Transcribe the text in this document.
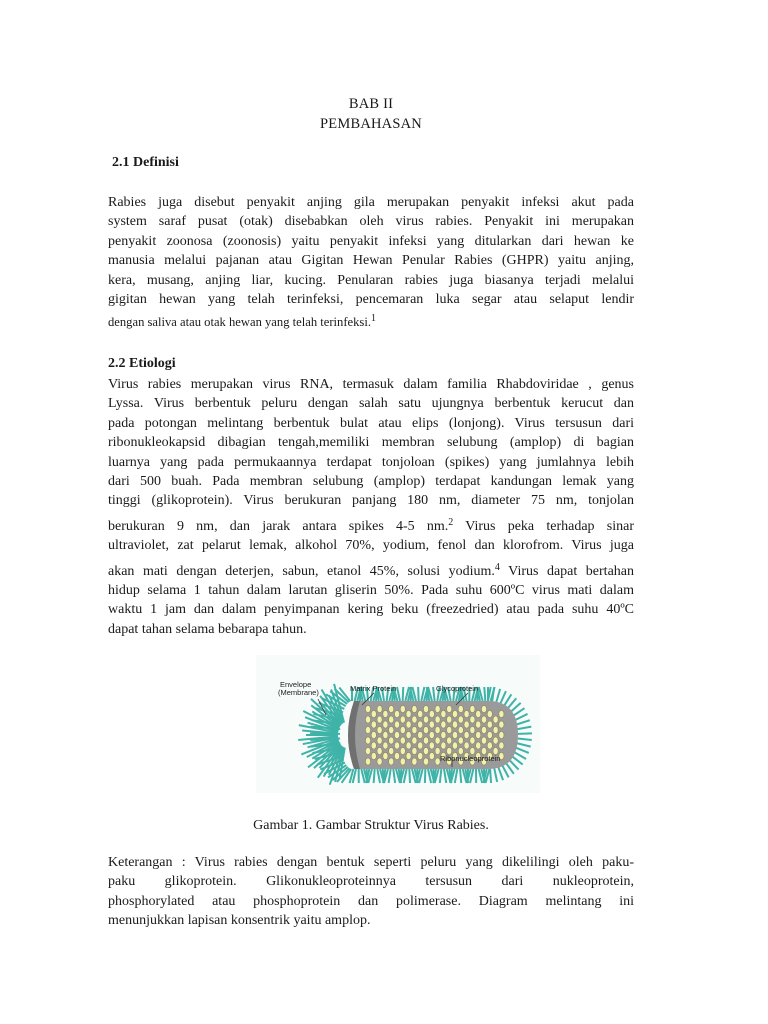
BAB II
PEMBAHASAN
2.1 Definisi
Rabies juga disebut penyakit anjing gila merupakan penyakit infeksi akut pada
system saraf pusat (otak) disebabkan oleh virus rabies. Penyakit ini merupakan
penyakit zoonosa (zoonosis) yaitu penyakit infeksi yang ditularkan dari hewan ke
manusia melalui pajanan atau Gigitan Hewan Penular Rabies (GHPR) yaitu anjing,
kera, musang, anjing liar, kucing. Penularan rabies juga biasanya terjadi melalui
gigitan hewan yang telah terinfeksi, pencemaran luka segar atau selaput lendir
dengan saliva atau otak hewan yang telah terinfeksi.$^1$
2.2 Etiologi
Virus rabies merupakan virus RNA, termasuk dalam familia Rhabdoviridae , genus
Lyssa. Virus berbentuk peluru dengan salah satu ujungnya berbentuk kerucut dan
pada potongan melintang berbentuk bulat atau elips (lonjong). Virus tersusun dari
ribonukleokapsid dibagian tengah,memiliki membran selubung (amplop) di bagian
luarnya yang pada permukaannya terdapat tonjoloan (spikes) yang jumlahnya lebih
dari 500 buah. Pada membran selubung (amplop) terdapat kandungan lemak yang
tinggi (glikoprotein). Virus berukuran panjang 180 nm, diameter 75 nm, tonjolan
berukuran 9 nm, dan jarak antara spikes 4-5 nm.$^2$ Virus peka terhadap sinar
ultraviolet, zat pelarut lemak, alkohol 70%, yodium, fenol dan klorofrom. Virus juga
akan mati dengan deterjen, sabun, etanol 45%, solusi yodium.$^4$ Virus dapat bertahan
hidup selama 1 tahun dalam larutan gliserin 50%. Pada suhu 600ºC virus mati dalam
waktu 1 jam dan dalam penyimpanan kering beku (freezedried) atau pada suhu 40ºC
dapat tahan selama bebarapa tahun.
Envelope
(Membrane)	Matrix Protein	Glycoprotein
Ribonucleoprotein
Gambar 1. Gambar Struktur Virus Rabies.
Keterangan : Virus rabies dengan bentuk seperti peluru yang dikelilingi oleh paku-
paku glikoprotein. Glikonukleoproteinnya tersusun dari nukleoprotein,
phosphorylated atau phosphoprotein dan polimerase. Diagram melintang ini
menunjukkan lapisan konsentrik yaitu amplop.
